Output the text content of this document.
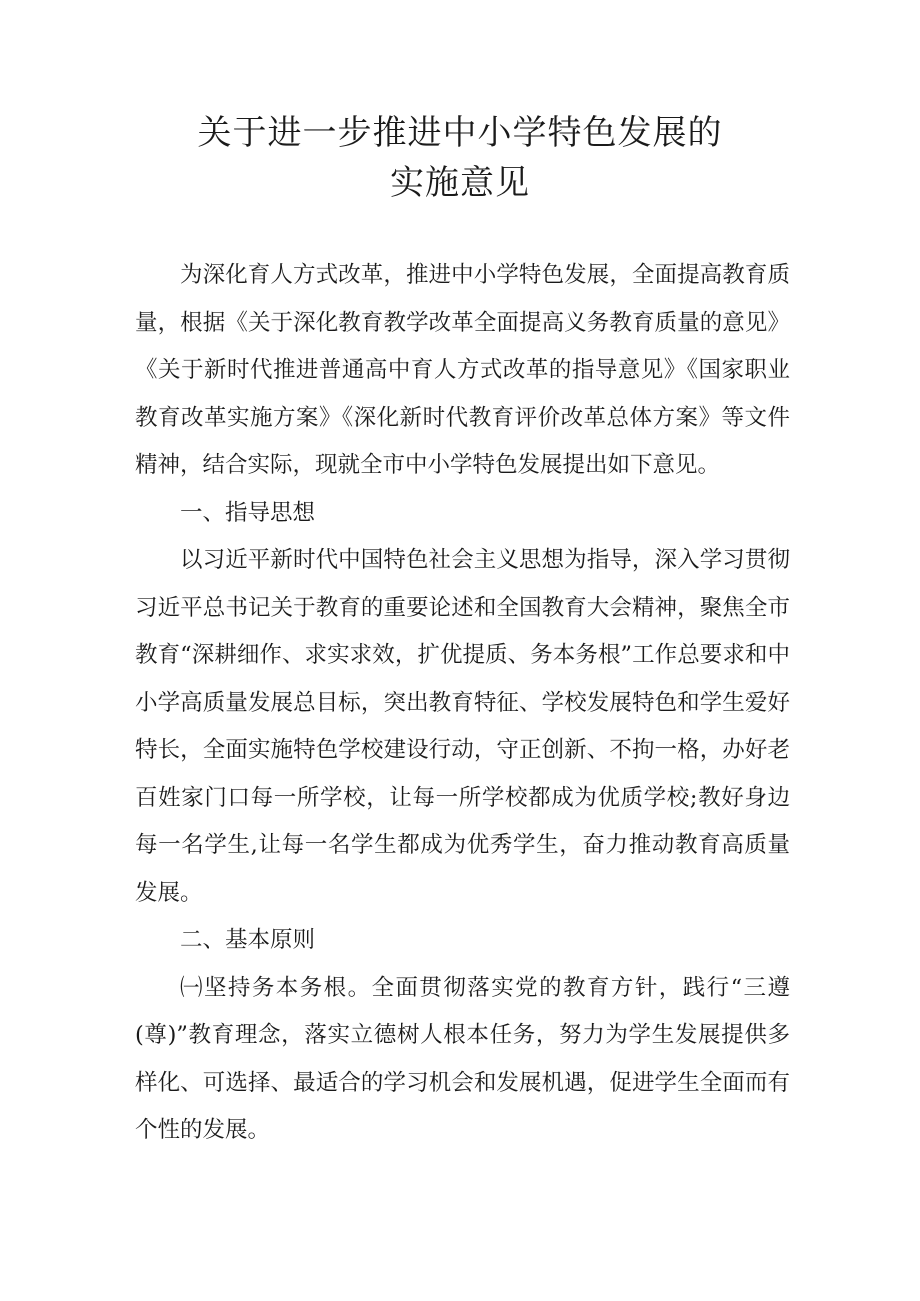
关于进一步推进中小学特色发展的
实施意见

为深化育人方式改革，推进中小学特色发展，全面提高教育质量，根据《关于深化教育教学改革全面提高义务教育质量的意见》《关于新时代推进普通高中育人方式改革的指导意见》《国家职业教育改革实施方案》《深化新时代教育评价改革总体方案》等文件精神，结合实际，现就全市中小学特色发展提出如下意见。

一、指导思想

以习近平新时代中国特色社会主义思想为指导，深入学习贯彻习近平总书记关于教育的重要论述和全国教育大会精神，聚焦全市教育“深耕细作、求实求效，扩优提质、务本务根”工作总要求和中小学高质量发展总目标，突出教育特征、学校发展特色和学生爱好特长，全面实施特色学校建设行动，守正创新、不拘一格，办好老百姓家门口每一所学校，让每一所学校都成为优质学校;教好身边每一名学生,让每一名学生都成为优秀学生，奋力推动教育高质量发展。

二、基本原则

㈠坚持务本务根。全面贯彻落实党的教育方针，践行“三遵(尊)”教育理念，落实立德树人根本任务，努力为学生发展提供多样化、可选择、最适合的学习机会和发展机遇，促进学生全面而有个性的发展。
